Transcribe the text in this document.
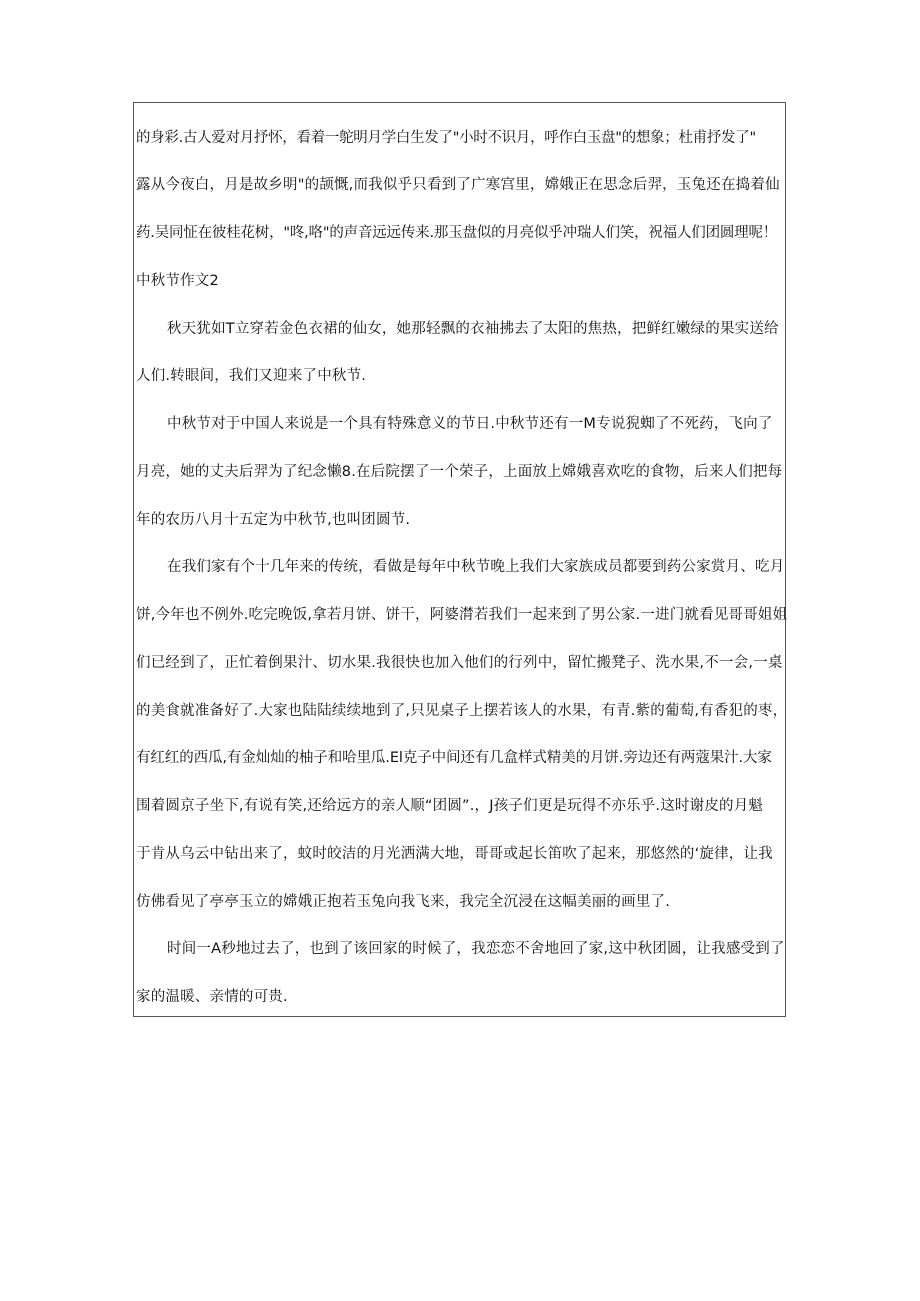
的身彩.古人爱对月抒怀，看着一鸵明月学白生发了"小时不识月，呼作白玉盘"的想象；杜甫抒发了"
露从今夜白，月是故乡明"的颉慨,而我似乎只看到了广寒宫里，嫦娥正在思念后羿，玉兔还在捣着仙
药.吴同怔在彼桂花树，"咚,咯"的声音远远传来.那玉盘似的月亮似乎冲瑞人们笑，祝福人们团圆理呢！
中秋节作文2
秋天犹如T立穿若金色衣裙的仙女，她那轻飘的衣袖拂去了太阳的焦热，把鲜红嫩绿的果实送给
人们.转眼间，我们又迎来了中秋节.
中秋节对于中国人来说是一个具有特殊意义的节日.中秋节还有一M专说猊蜘了不死药，飞向了
月亮，她的丈夫后羿为了纪念懒8.在后院摆了一个荣子，上面放上嫦娥喜欢吃的食物，后来人们把每
年的农历八月十五定为中秋节,也叫团圆节.
在我们家有个十几年来的传统，看做是每年中秋节晚上我们大家族成员都要到药公家赏月、吃月
饼,今年也不例外.吃完晚饭,拿若月饼、饼干，阿婆潸若我们一起来到了男公家.一进门就看见哥哥姐姐
们已经到了，正忙着倒果汁、切水果.我很快也加入他们的行列中，留忙搬凳子、洗水果,不一会,一桌
的美食就准备好了.大家也陆陆续续地到了,只见桌子上摆若该人的水果，有青.紫的葡萄,有香犯的枣，
有红红的西瓜,有金灿灿的柚子和哈里瓜.El克子中间还有几盒样式精美的月饼.旁边还有两蔻果汁.大家
围着圆京子坐下,有说有笑,还给远方的亲人顺“团圆”.，J孩子们更是玩得不亦乐乎.这时谢皮的月魁
于肯从乌云中钻出来了，蚊时皎洁的月光洒满大地，哥哥或起长笛吹了起来，那悠然的‘旋律，让我
仿佛看见了亭亭玉立的嫦娥正抱若玉兔向我飞来，我完全沉浸在这幅美丽的画里了.
时间一A秒地过去了，也到了该回家的时候了，我恋恋不舍地回了家,这中秋团圆，让我感受到了
家的温暖、亲情的可贵.
